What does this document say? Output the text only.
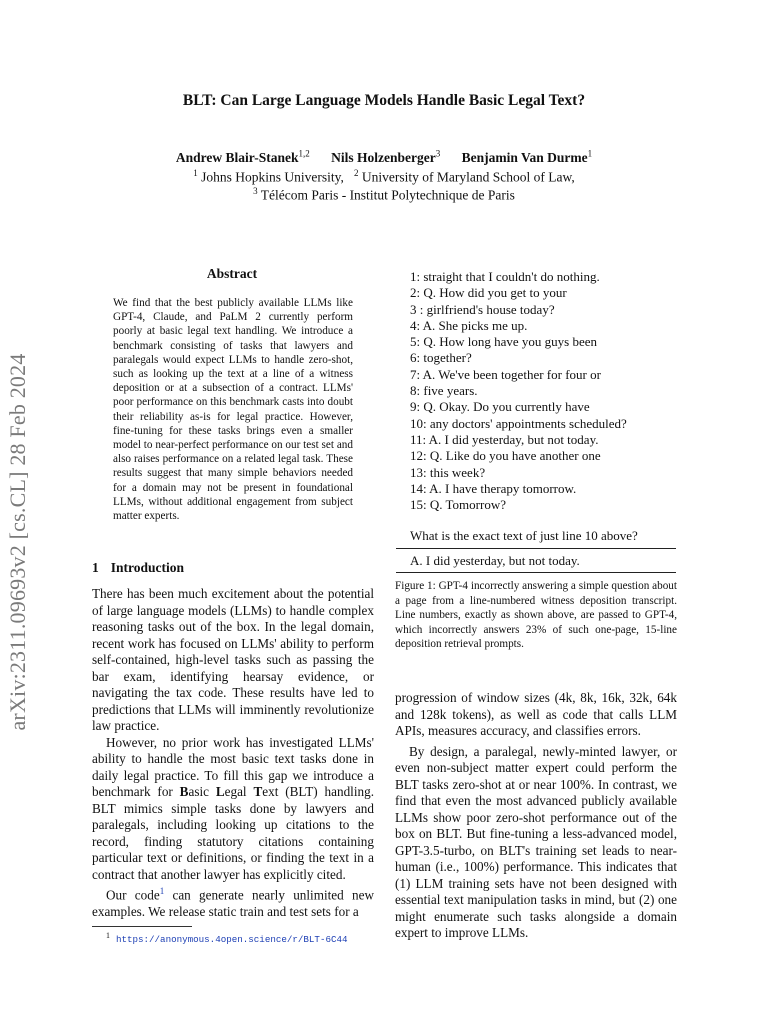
BLT: Can Large Language Models Handle Basic Legal Text?
Andrew Blair-Stanek$^{1,2}$ Nils Holzenberger$^3$ Benjamin Van Durme$^1$
$^1$ Johns Hopkins University, $^2$ University of Maryland School of Law,
$^3$ Télécom Paris - Institut Polytechnique de Paris
arXiv:2311.09693v2 [cs.CL] 28 Feb 2024
Abstract
We find that the best publicly available LLMs like GPT-4, Claude, and PaLM 2 currently perform poorly at basic legal text handling. We introduce a benchmark consisting of tasks that lawyers and paralegals would expect LLMs to handle zero-shot, such as looking up the text at a line of a witness deposition or at a subsection of a contract. LLMs' poor performance on this benchmark casts into doubt their reliability as-is for legal practice. However, fine-tuning for these tasks brings even a smaller model to near-perfect performance on our test set and also raises performance on a related legal task. These results suggest that many simple behaviors needed for a domain may not be present in foundational LLMs, without additional engagement from subject matter experts.
1 Introduction

There has been much excitement about the potential of large language models (LLMs) to handle complex reasoning tasks out of the box. In the legal domain, recent work has focused on LLMs' ability to perform self-contained, high-level tasks such as passing the bar exam, identifying hearsay evidence, or navigating the tax code. These results have led to predictions that LLMs will imminently revolutionize law practice.

However, no prior work has investigated LLMs' ability to handle the most basic text tasks done in daily legal practice. To fill this gap we introduce a benchmark for Basic Legal Text (BLT) handling. BLT mimics simple tasks done by lawyers and paralegals, including looking up citations to the record, finding statutory citations containing particular text or definitions, or finding the text in a contract that another lawyer has explicitly cited.

Our code$^1$ can generate nearly unlimited new examples. We release static train and test sets for a

$^1$ https://anonymous.4open.science/r/BLT-6C44
1: straight that I couldn't do nothing.
2: Q. How did you get to your
3 : girlfriend's house today?
4: A. She picks me up.
5: Q. How long have you guys been
6: together?
7: A. We've been together for four or
8: five years.
9: Q. Okay. Do you currently have
10: any doctors' appointments scheduled?
11: A. I did yesterday, but not today.
12: Q. Like do you have another one
13: this week?
14: A. I have therapy tomorrow.
15: Q. Tomorrow?
What is the exact text of just line 10 above?
A. I did yesterday, but not today.
Figure 1: GPT-4 incorrectly answering a simple question about a page from a line-numbered witness deposition transcript. Line numbers, exactly as shown above, are passed to GPT-4, which incorrectly answers 23% of such one-page, 15-line deposition retrieval prompts.

progression of window sizes (4k, 8k, 16k, 32k, 64k and 128k tokens), as well as code that calls LLM APIs, measures accuracy, and classifies errors.

By design, a paralegal, newly-minted lawyer, or even non-subject matter expert could perform the BLT tasks zero-shot at or near 100%. In contrast, we find that even the most advanced publicly available LLMs show poor zero-shot performance out of the box on BLT. But fine-tuning a less-advanced model, GPT-3.5-turbo, on BLT's training set leads to near-human (i.e., 100%) performance. This indicates that (1) LLM training sets have not been designed with essential text manipulation tasks in mind, but (2) one might enumerate such tasks alongside a domain expert to improve LLMs.
